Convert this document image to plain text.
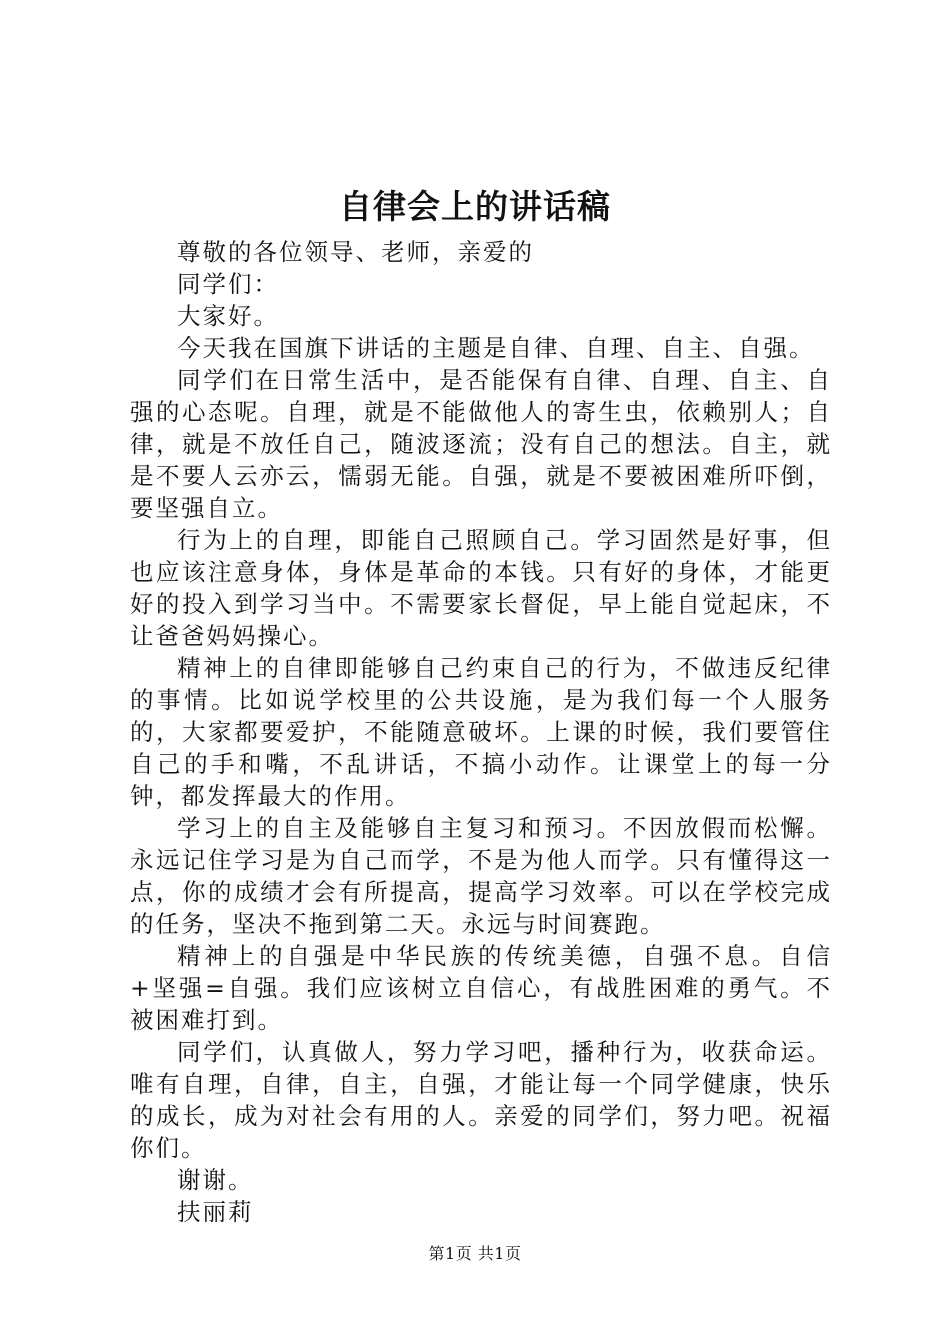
自律会上的讲话稿

尊敬的各位领导、老师，亲爱的

同学们：

大家好。

今天我在国旗下讲话的主题是自律、自理、自主、自强。

同学们在日常生活中，是否能保有自律、自理、自主、自强的心态呢。自理，就是不能做他人的寄生虫，依赖别人；自律，就是不放任自己，随波逐流；没有自己的想法。自主，就是不要人云亦云，懦弱无能。自强，就是不要被困难所吓倒，要坚强自立。

行为上的自理，即能自己照顾自己。学习固然是好事，但也应该注意身体，身体是革命的本钱。只有好的身体，才能更好的投入到学习当中。不需要家长督促，早上能自觉起床，不让爸爸妈妈操心。

精神上的自律即能够自己约束自己的行为，不做违反纪律的事情。比如说学校里的公共设施，是为我们每一个人服务的，大家都要爱护，不能随意破坏。上课的时候，我们要管住自己的手和嘴，不乱讲话，不搞小动作。让课堂上的每一分钟，都发挥最大的作用。

学习上的自主及能够自主复习和预习。不因放假而松懈。永远记住学习是为自己而学，不是为他人而学。只有懂得这一点，你的成绩才会有所提高，提高学习效率。可以在学校完成的任务，坚决不拖到第二天。永远与时间赛跑。

精神上的自强是中华民族的传统美德，自强不息。自信+坚强=自强。我们应该树立自信心，有战胜困难的勇气。不被困难打到。

同学们，认真做人，努力学习吧，播种行为，收获命运。唯有自理，自律，自主，自强，才能让每一个同学健康，快乐的成长，成为对社会有用的人。亲爱的同学们，努力吧。祝福你们。

谢谢。

扶丽莉

第1页 共1页
